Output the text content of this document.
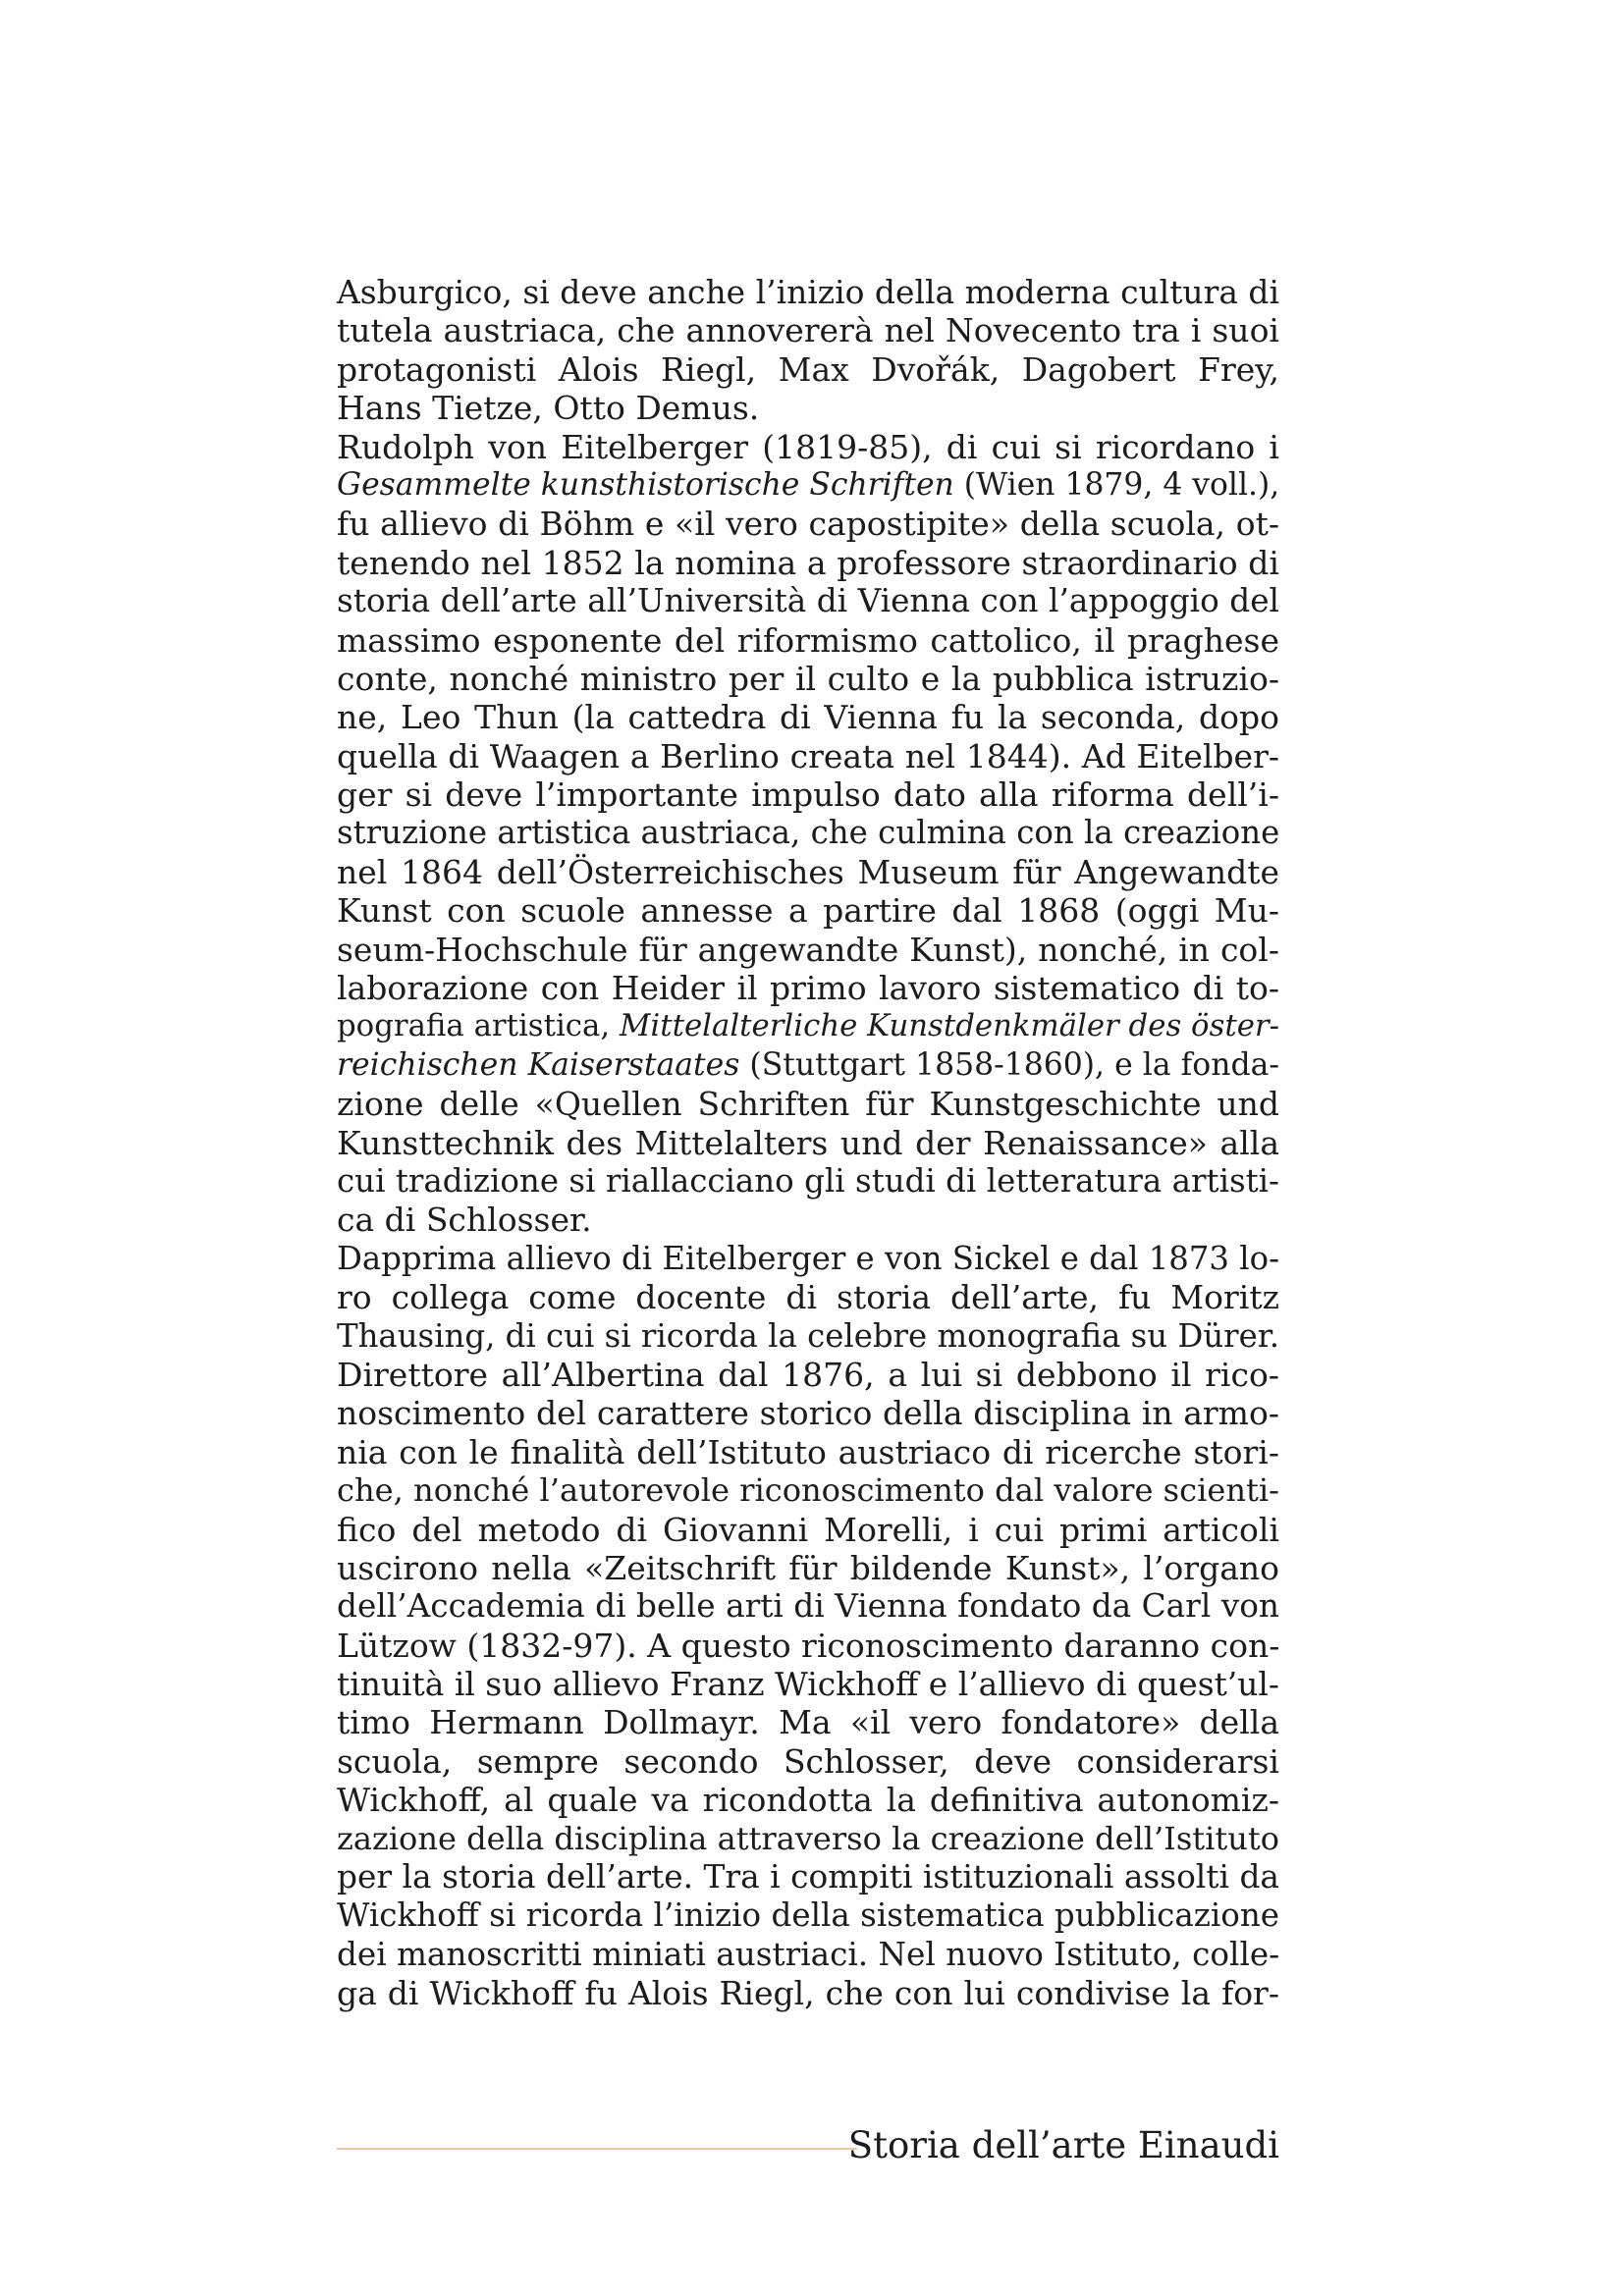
Asburgico, si deve anche l’inizio della moderna cultura di
tutela austriaca, che annovererà nel Novecento tra i suoi
protagonisti Alois Riegl, Max Dvořák, Dagobert Frey,
Hans Tietze, Otto Demus.
Rudolph von Eitelberger (1819-85), di cui si ricordano i
Gesammelte kunsthistorische Schriften (Wien 1879, 4 voll.),
fu allievo di Böhm e «il vero capostipite» della scuola, ot-
tenendo nel 1852 la nomina a professore straordinario di
storia dell’arte all’Università di Vienna con l’appoggio del
massimo esponente del riformismo cattolico, il praghese
conte, nonché ministro per il culto e la pubblica istruzio-
ne, Leo Thun (la cattedra di Vienna fu la seconda, dopo
quella di Waagen a Berlino creata nel 1844). Ad Eitelber-
ger si deve l’importante impulso dato alla riforma dell’i-
struzione artistica austriaca, che culmina con la creazione
nel 1864 dell’Österreichisches Museum für Angewandte
Kunst con scuole annesse a partire dal 1868 (oggi Mu-
seum-Hochschule für angewandte Kunst), nonché, in col-
laborazione con Heider il primo lavoro sistematico di to-
pografia artistica, Mittelalterliche Kunstdenkmäler des öster-
reichischen Kaiserstaates (Stuttgart 1858-1860), e la fonda-
zione delle «Quellen Schriften für Kunstgeschichte und
Kunsttechnik des Mittelalters und der Renaissance» alla
cui tradizione si riallacciano gli studi di letteratura artisti-
ca di Schlosser.
Dapprima allievo di Eitelberger e von Sickel e dal 1873 lo-
ro collega come docente di storia dell’arte, fu Moritz
Thausing, di cui si ricorda la celebre monografia su Dürer.
Direttore all’Albertina dal 1876, a lui si debbono il rico-
noscimento del carattere storico della disciplina in armo-
nia con le finalità dell’Istituto austriaco di ricerche stori-
che, nonché l’autorevole riconoscimento dal valore scienti-
fico del metodo di Giovanni Morelli, i cui primi articoli
uscirono nella «Zeitschrift für bildende Kunst», l’organo
dell’Accademia di belle arti di Vienna fondato da Carl von
Lützow (1832-97). A questo riconoscimento daranno con-
tinuità il suo allievo Franz Wickhoff e l’allievo di quest’ul-
timo Hermann Dollmayr. Ma «il vero fondatore» della
scuola, sempre secondo Schlosser, deve considerarsi
Wickhoff, al quale va ricondotta la definitiva autonomiz-
zazione della disciplina attraverso la creazione dell’Istituto
per la storia dell’arte. Tra i compiti istituzionali assolti da
Wickhoff si ricorda l’inizio della sistematica pubblicazione
dei manoscritti miniati austriaci. Nel nuovo Istituto, colle-
ga di Wickhoff fu Alois Riegl, che con lui condivise la for-
Storia dell’arte Einaudi
